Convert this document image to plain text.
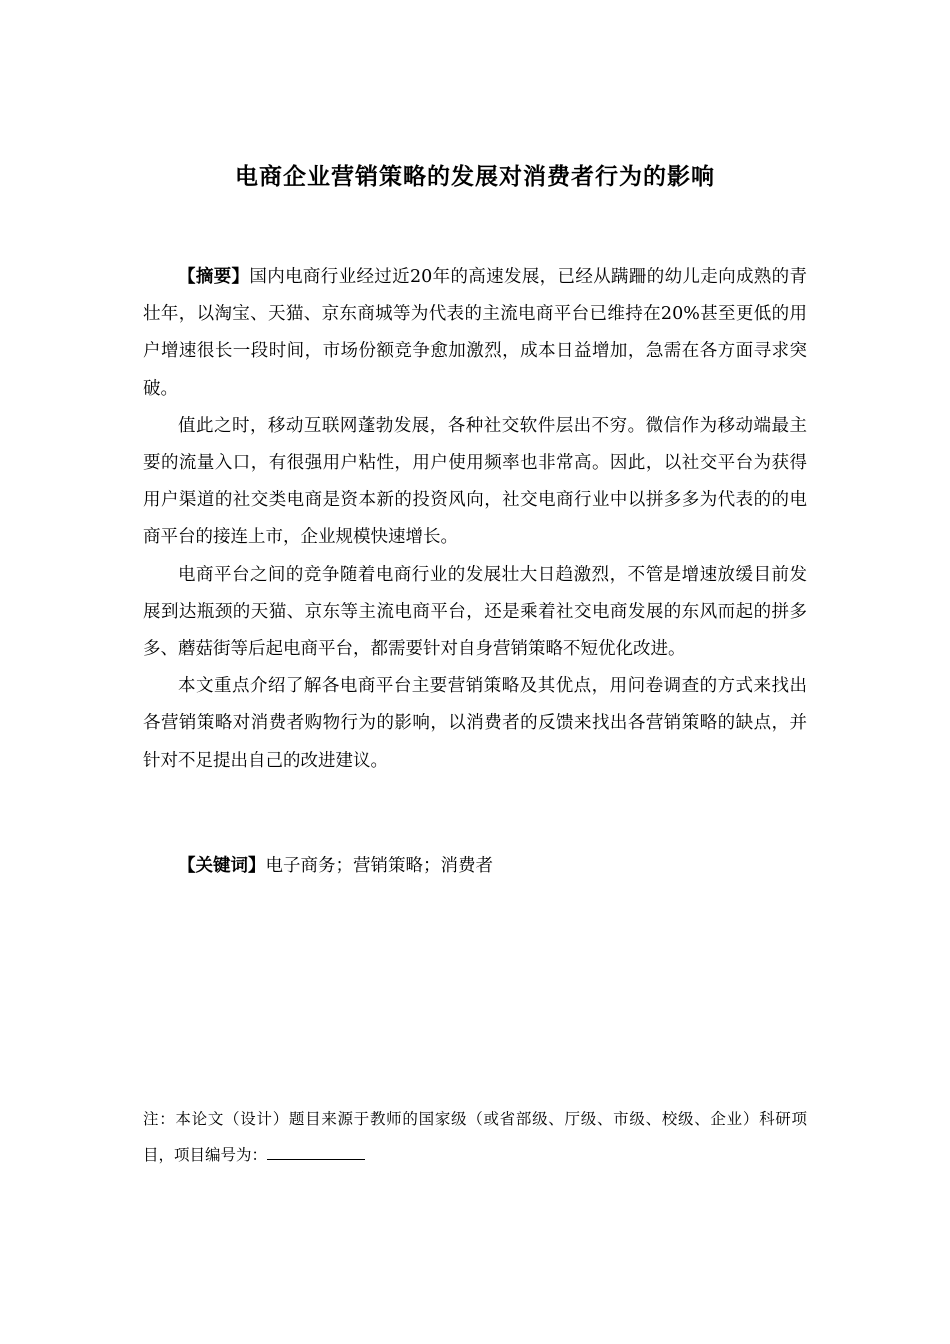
电商企业营销策略的发展对消费者行为的影响

【摘要】国内电商行业经过近20年的高速发展，已经从蹒跚的幼儿走向成熟的青壮年，以淘宝、天猫、京东商城等为代表的主流电商平台已维持在20%甚至更低的用户增速很长一段时间，市场份额竞争愈加激烈，成本日益增加，急需在各方面寻求突破。

值此之时，移动互联网蓬勃发展，各种社交软件层出不穷。微信作为移动端最主要的流量入口，有很强用户粘性，用户使用频率也非常高。因此，以社交平台为获得用户渠道的社交类电商是资本新的投资风向，社交电商行业中以拼多多为代表的的电商平台的接连上市，企业规模快速增长。

电商平台之间的竞争随着电商行业的发展壮大日趋激烈，不管是增速放缓目前发展到达瓶颈的天猫、京东等主流电商平台，还是乘着社交电商发展的东风而起的拼多多、蘑菇街等后起电商平台，都需要针对自身营销策略不短优化改进。

本文重点介绍了解各电商平台主要营销策略及其优点，用问卷调查的方式来找出各营销策略对消费者购物行为的影响，以消费者的反馈来找出各营销策略的缺点，并针对不足提出自己的改进建议。

【关键词】电子商务；营销策略；消费者
注：本论文（设计）题目来源于教师的国家级（或省部级、厅级、市级、校级、企业）科研项目，项目编号为：
